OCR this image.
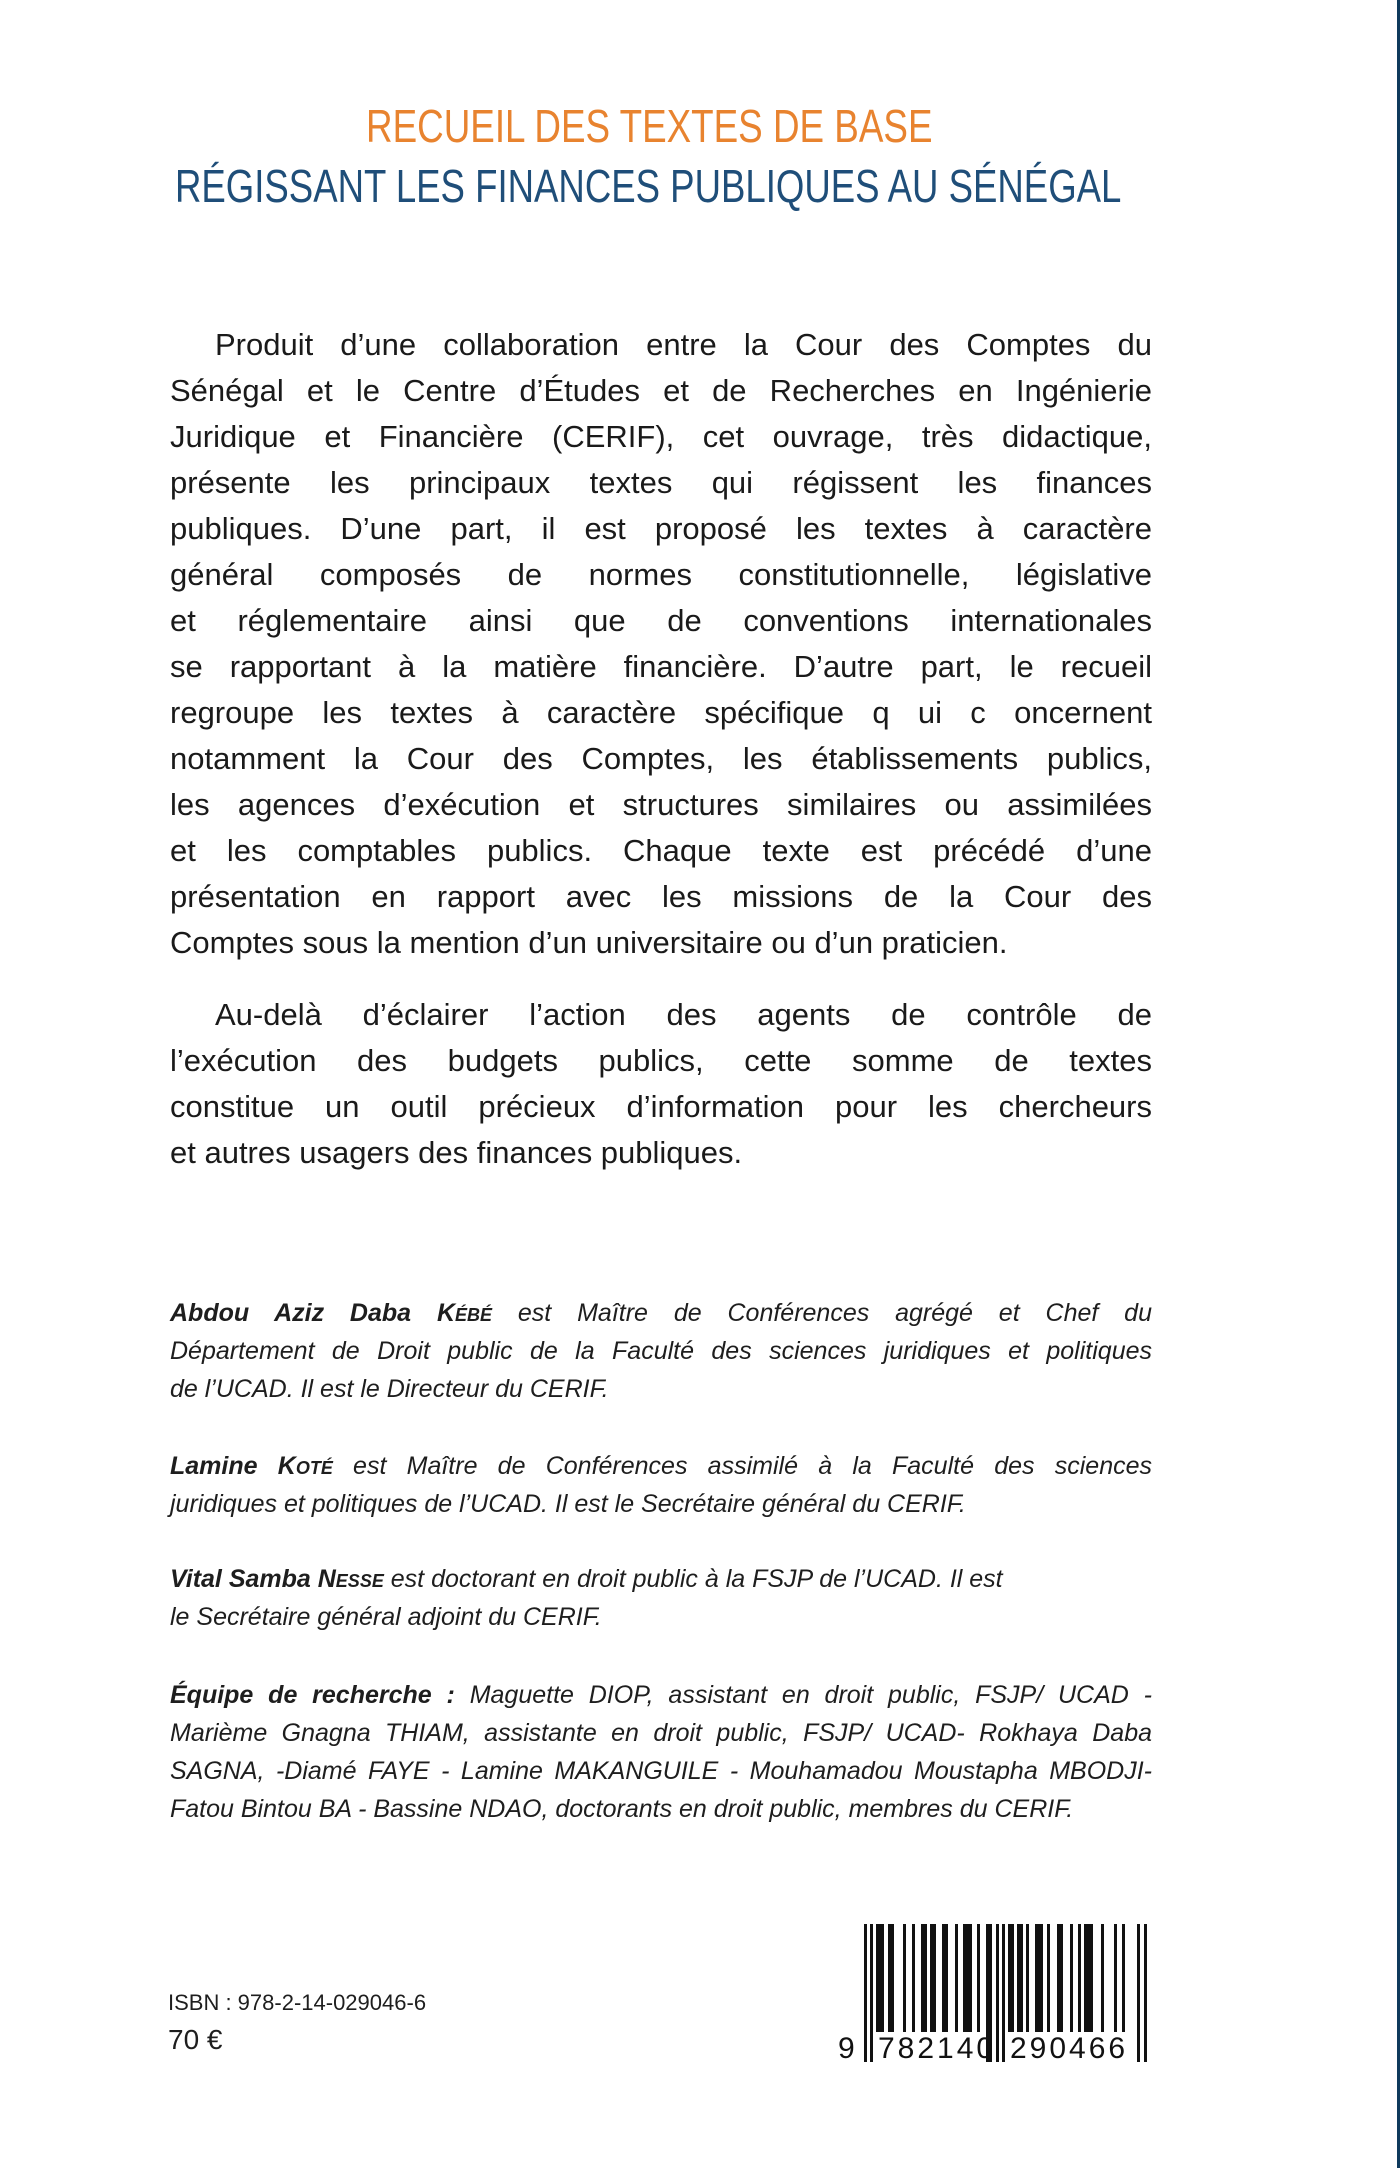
RECUEIL DES TEXTES DE BASE
RÉGISSANT LES FINANCES PUBLIQUES AU SÉNÉGAL
Produit d’une collaboration entre la Cour des Comptes du
Sénégal et le Centre d’Études et de Recherches en Ingénierie
Juridique et Financière (CERIF), cet ouvrage, très didactique,
présente les principaux textes qui régissent les finances
publiques. D’une part, il est proposé les textes à caractère
général composés de normes constitutionnelle, législative
et réglementaire ainsi que de conventions internationales
se rapportant à la matière financière. D’autre part, le recueil
regroupe les textes à caractère spécifique q ui c oncernent
notamment la Cour des Comptes, les établissements publics,
les agences d’exécution et structures similaires ou assimilées
et les comptables publics. Chaque texte est précédé d’une
présentation en rapport avec les missions de la Cour des
Comptes sous la mention d’un universitaire ou d’un praticien.
Au-delà d’éclairer l’action des agents de contrôle de
l’exécution des budgets publics, cette somme de textes
constitue un outil précieux d’information pour les chercheurs
et autres usagers des finances publiques.
Abdou Aziz Daba Kébé est Maître de Conférences agrégé et Chef du
Département de Droit public de la Faculté des sciences juridiques et politiques
de l’UCAD. Il est le Directeur du CERIF.
Lamine Koté est Maître de Conférences assimilé à la Faculté des sciences
juridiques et politiques de l’UCAD. Il est le Secrétaire général du CERIF.
Vital Samba Nesse est doctorant en droit public à la FSJP de l’UCAD. Il est
le Secrétaire général adjoint du CERIF.
Équipe de recherche : Maguette DIOP, assistant en droit public, FSJP/ UCAD -
Marième Gnagna THIAM, assistante en droit public, FSJP/ UCAD- Rokhaya Daba
SAGNA, -Diamé FAYE - Lamine MAKANGUILE - Mouhamadou Moustapha MBODJI-
Fatou Bintou BA - Bassine NDAO, doctorants en droit public, membres du CERIF.
ISBN : 978-2-14-029046-6
70 €	9 782140 290466
